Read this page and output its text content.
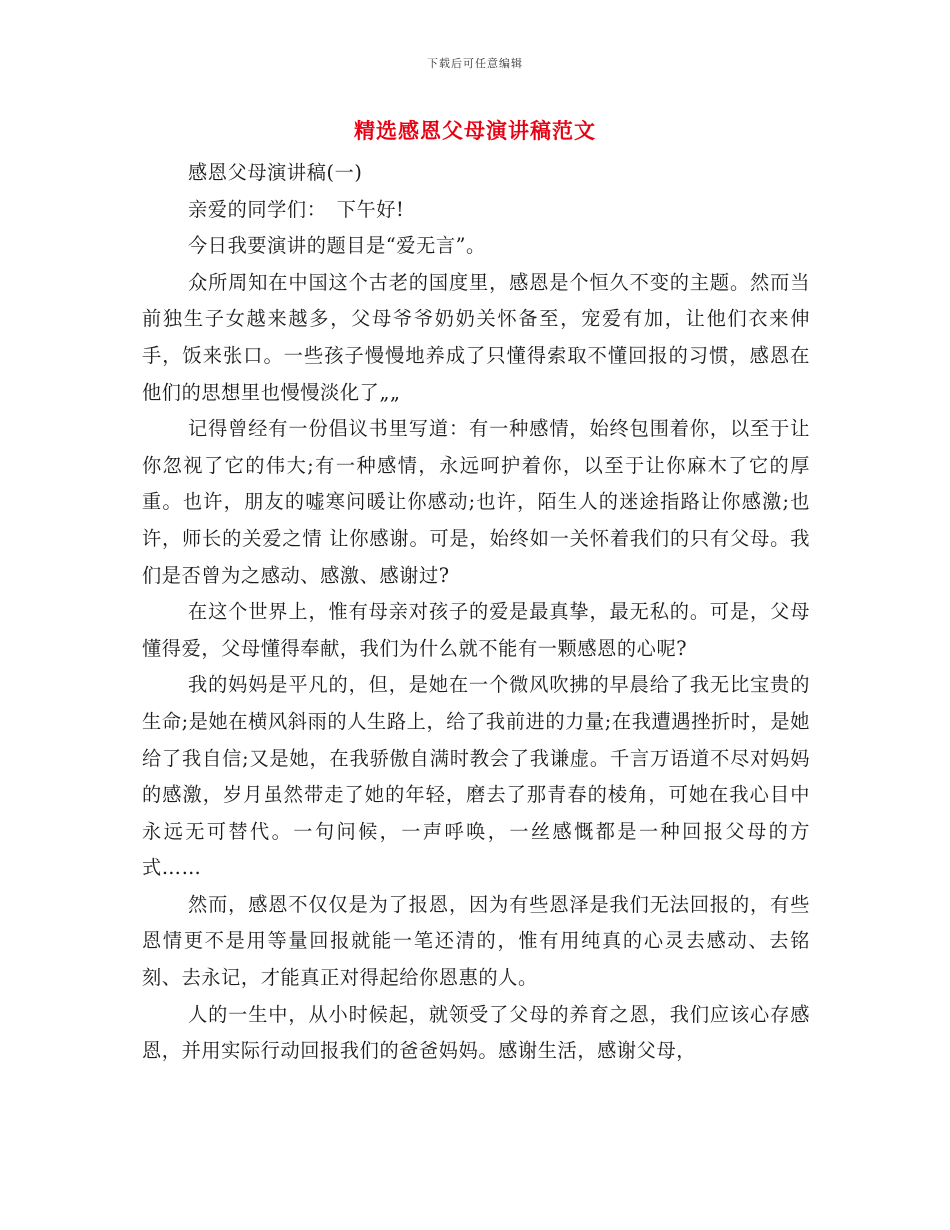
下载后可任意编辑
精选感恩父母演讲稿范文

感恩父母演讲稿(一)

亲爱的同学们：　下午好!

今日我要演讲的题目是“爱无言”。

众所周知在中国这个古老的国度里，感恩是个恒久不变的主题。然而当前独生子女越来越多，父母爷爷奶奶关怀备至，宠爱有加，让他们衣来伸手，饭来张口。一些孩子慢慢地养成了只懂得索取不懂回报的习惯，感恩在他们的思想里也慢慢淡化了„„

记得曾经有一份倡议书里写道：有一种感情，始终包围着你，以至于让你忽视了它的伟大;有一种感情，永远呵护着你，以至于让你麻木了它的厚重。也许，朋友的嘘寒问暖让你感动;也许，陌生人的迷途指路让你感激;也许，师长的关爱之情 让你感谢。可是，始终如一关怀着我们的只有父母。我们是否曾为之感动、感激、感谢过?

在这个世界上，惟有母亲对孩子的爱是最真挚，最无私的。可是，父母懂得爱，父母懂得奉献，我们为什么就不能有一颗感恩的心呢?

我的妈妈是平凡的，但，是她在一个微风吹拂的早晨给了我无比宝贵的生命;是她在横风斜雨的人生路上，给了我前进的力量;在我遭遇挫折时，是她给了我自信;又是她，在我骄傲自满时教会了我谦虚。千言万语道不尽对妈妈的感激，岁月虽然带走了她的年轻，磨去了那青春的棱角，可她在我心目中永远无可替代。一句问候，一声呼唤，一丝感慨都是一种回报父母的方式……

然而，感恩不仅仅是为了报恩，因为有些恩泽是我们无法回报的，有些恩情更不是用等量回报就能一笔还清的，惟有用纯真的心灵去感动、去铭刻、去永记，才能真正对得起给你恩惠的人。

人的一生中，从小时候起，就领受了父母的养育之恩，我们应该心存感恩，并用实际行动回报我们的爸爸妈妈。感谢生活，感谢父母，
